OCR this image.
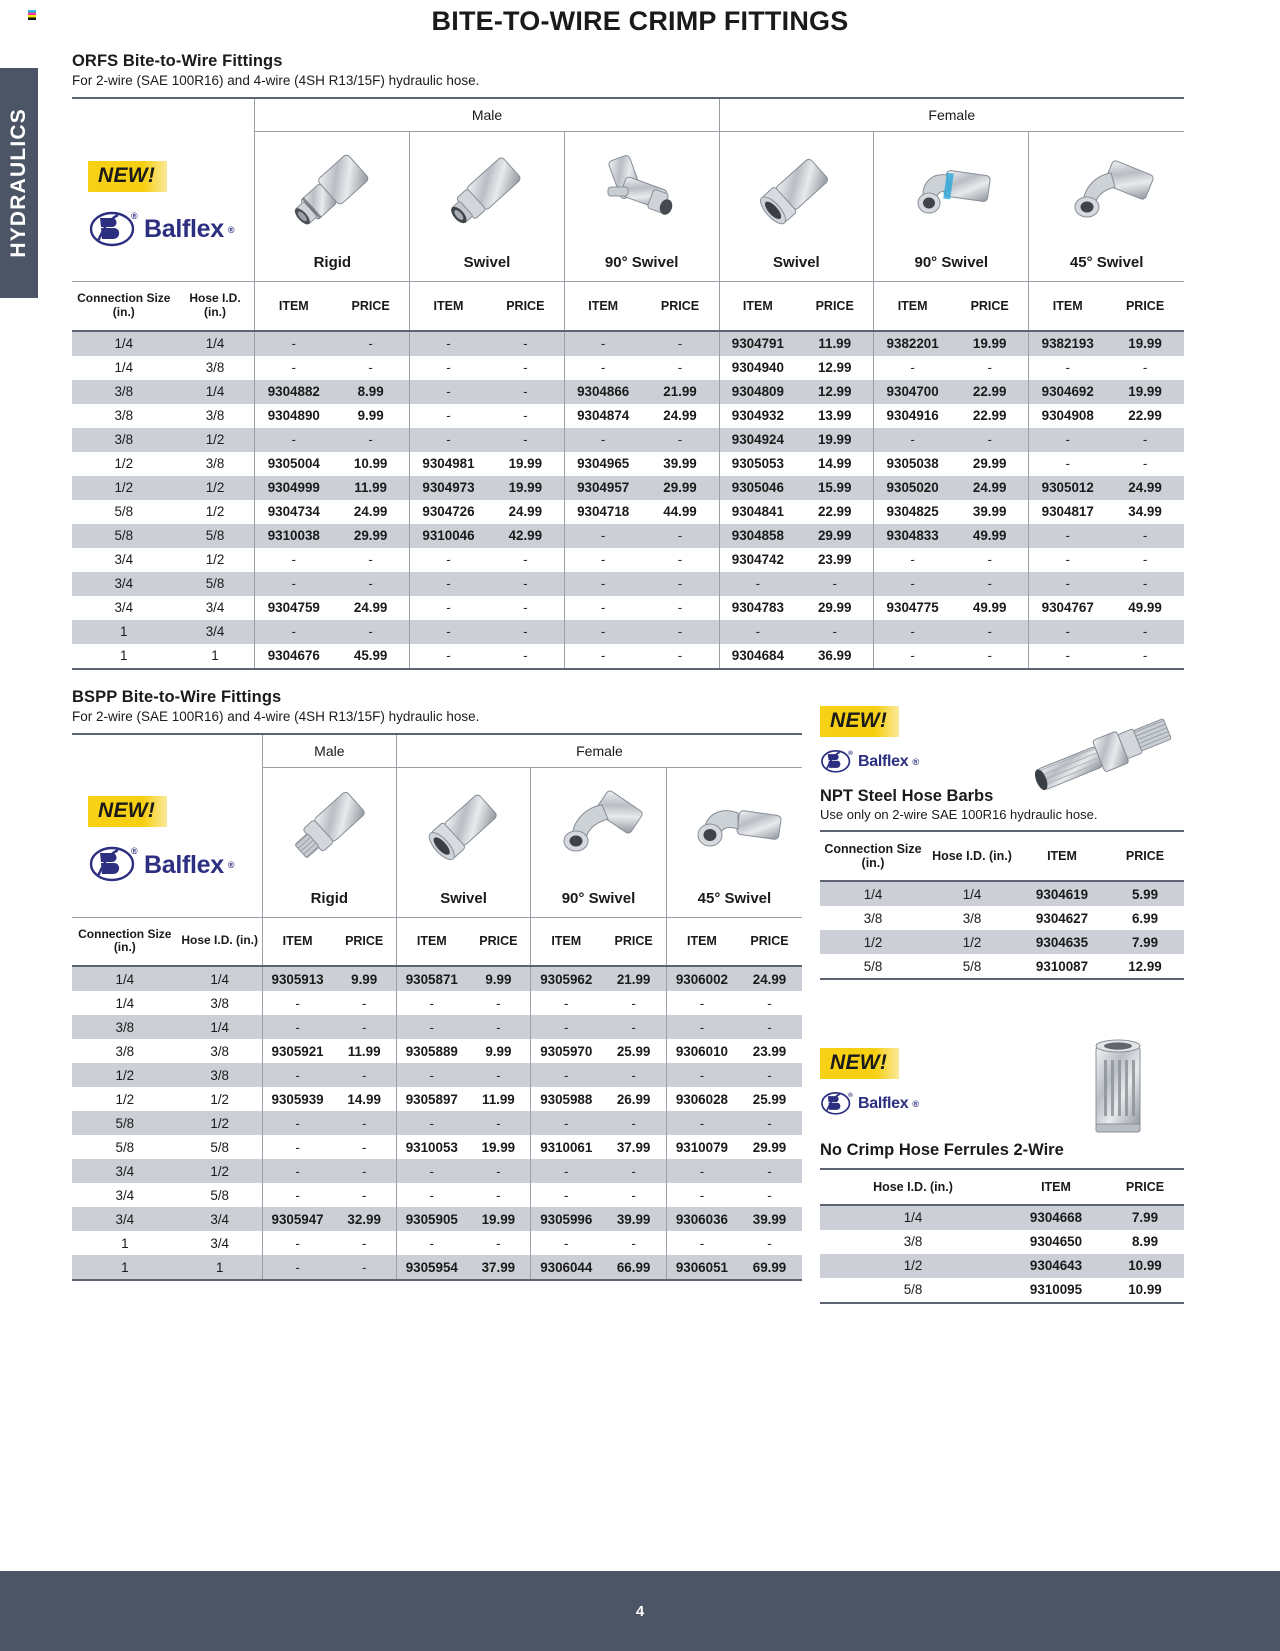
BITE-TO-WIRE CRIMP FITTINGS
HYDRAULICS
ORFS Bite-to-Wire Fittings
For 2-wire (SAE 100R16) and 4-wire (4SH R13/15F) hydraulic hose.
		Male						Female					

NEW!
® Balflex ®

		Rigid		Swivel		90° Swivel		Swivel		90° Swivel		45° Swivel	
Connection Size (in.)	Hose I.D. (in.)	ITEM	PRICE	ITEM	PRICE	ITEM	PRICE	ITEM	PRICE	ITEM	PRICE	ITEM	PRICE
1/4	1/4	-	-	-	-	-	-	9304791	11.99	9382201	19.99	9382193	19.99
1/4	3/8	-	-	-	-	-	-	9304940	12.99	-	-	-	-
3/8	1/4	9304882	8.99	-	-	9304866	21.99	9304809	12.99	9304700	22.99	9304692	19.99
3/8	3/8	9304890	9.99	-	-	9304874	24.99	9304932	13.99	9304916	22.99	9304908	22.99
3/8	1/2	-	-	-	-	-	-	9304924	19.99	-	-	-	-
1/2	3/8	9305004	10.99	9304981	19.99	9304965	39.99	9305053	14.99	9305038	29.99	-	-
1/2	1/2	9304999	11.99	9304973	19.99	9304957	29.99	9305046	15.99	9305020	24.99	9305012	24.99
5/8	1/2	9304734	24.99	9304726	24.99	9304718	44.99	9304841	22.99	9304825	39.99	9304817	34.99
5/8	5/8	9310038	29.99	9310046	42.99	-	-	9304858	29.99	9304833	49.99	-	-
3/4	1/2	-	-	-	-	-	-	9304742	23.99	-	-	-	-
3/4	5/8	-	-	-	-	-	-	-	-	-	-	-	-
3/4	3/4	9304759	24.99	-	-	-	-	9304783	29.99	9304775	49.99	9304767	49.99
1	3/4	-	-	-	-	-	-	-	-	-	-	-	-
1	1	9304676	45.99	-	-	-	-	9304684	36.99	-	-	-	-
BSPP Bite-to-Wire Fittings
For 2-wire (SAE 100R16) and 4-wire (4SH R13/15F) hydraulic hose.
		Male		Female					

NEW!
® Balflex ®

		Rigid		Swivel		90° Swivel		45° Swivel	
Connection Size (in.)	Hose I.D. (in.)	ITEM	PRICE	ITEM	PRICE	ITEM	PRICE	ITEM	PRICE
1/4	1/4	9305913	9.99	9305871	9.99	9305962	21.99	9306002	24.99
1/4	3/8	-	-	-	-	-	-	-	-
3/8	1/4	-	-	-	-	-	-	-	-
3/8	3/8	9305921	11.99	9305889	9.99	9305970	25.99	9306010	23.99
1/2	3/8	-	-	-	-	-	-	-	-
1/2	1/2	9305939	14.99	9305897	11.99	9305988	26.99	9306028	25.99
5/8	1/2	-	-	-	-	-	-	-	-
5/8	5/8	-	-	9310053	19.99	9310061	37.99	9310079	29.99
3/4	1/2	-	-	-	-	-	-	-	-
3/4	5/8	-	-	-	-	-	-	-	-
3/4	3/4	9305947	32.99	9305905	19.99	9305996	39.99	9306036	39.99
1	3/4	-	-	-	-	-	-	-	-
1	1	-	-	9305954	37.99	9306044	66.99	9306051	69.99
NEW!
® Balflex ®
NPT Steel Hose Barbs
Use only on 2-wire SAE 100R16 hydraulic hose.
Connection Size (in.)	Hose I.D. (in.)	ITEM	PRICE
1/4	1/4	9304619	5.99
3/8	3/8	9304627	6.99
1/2	1/2	9304635	7.99
5/8	5/8	9310087	12.99
NEW!
® Balflex ®
No Crimp Hose Ferrules 2-Wire
Hose I.D. (in.)	ITEM	PRICE
1/4	9304668	7.99
3/8	9304650	8.99
1/2	9304643	10.99
5/8	9310095	10.99
4
